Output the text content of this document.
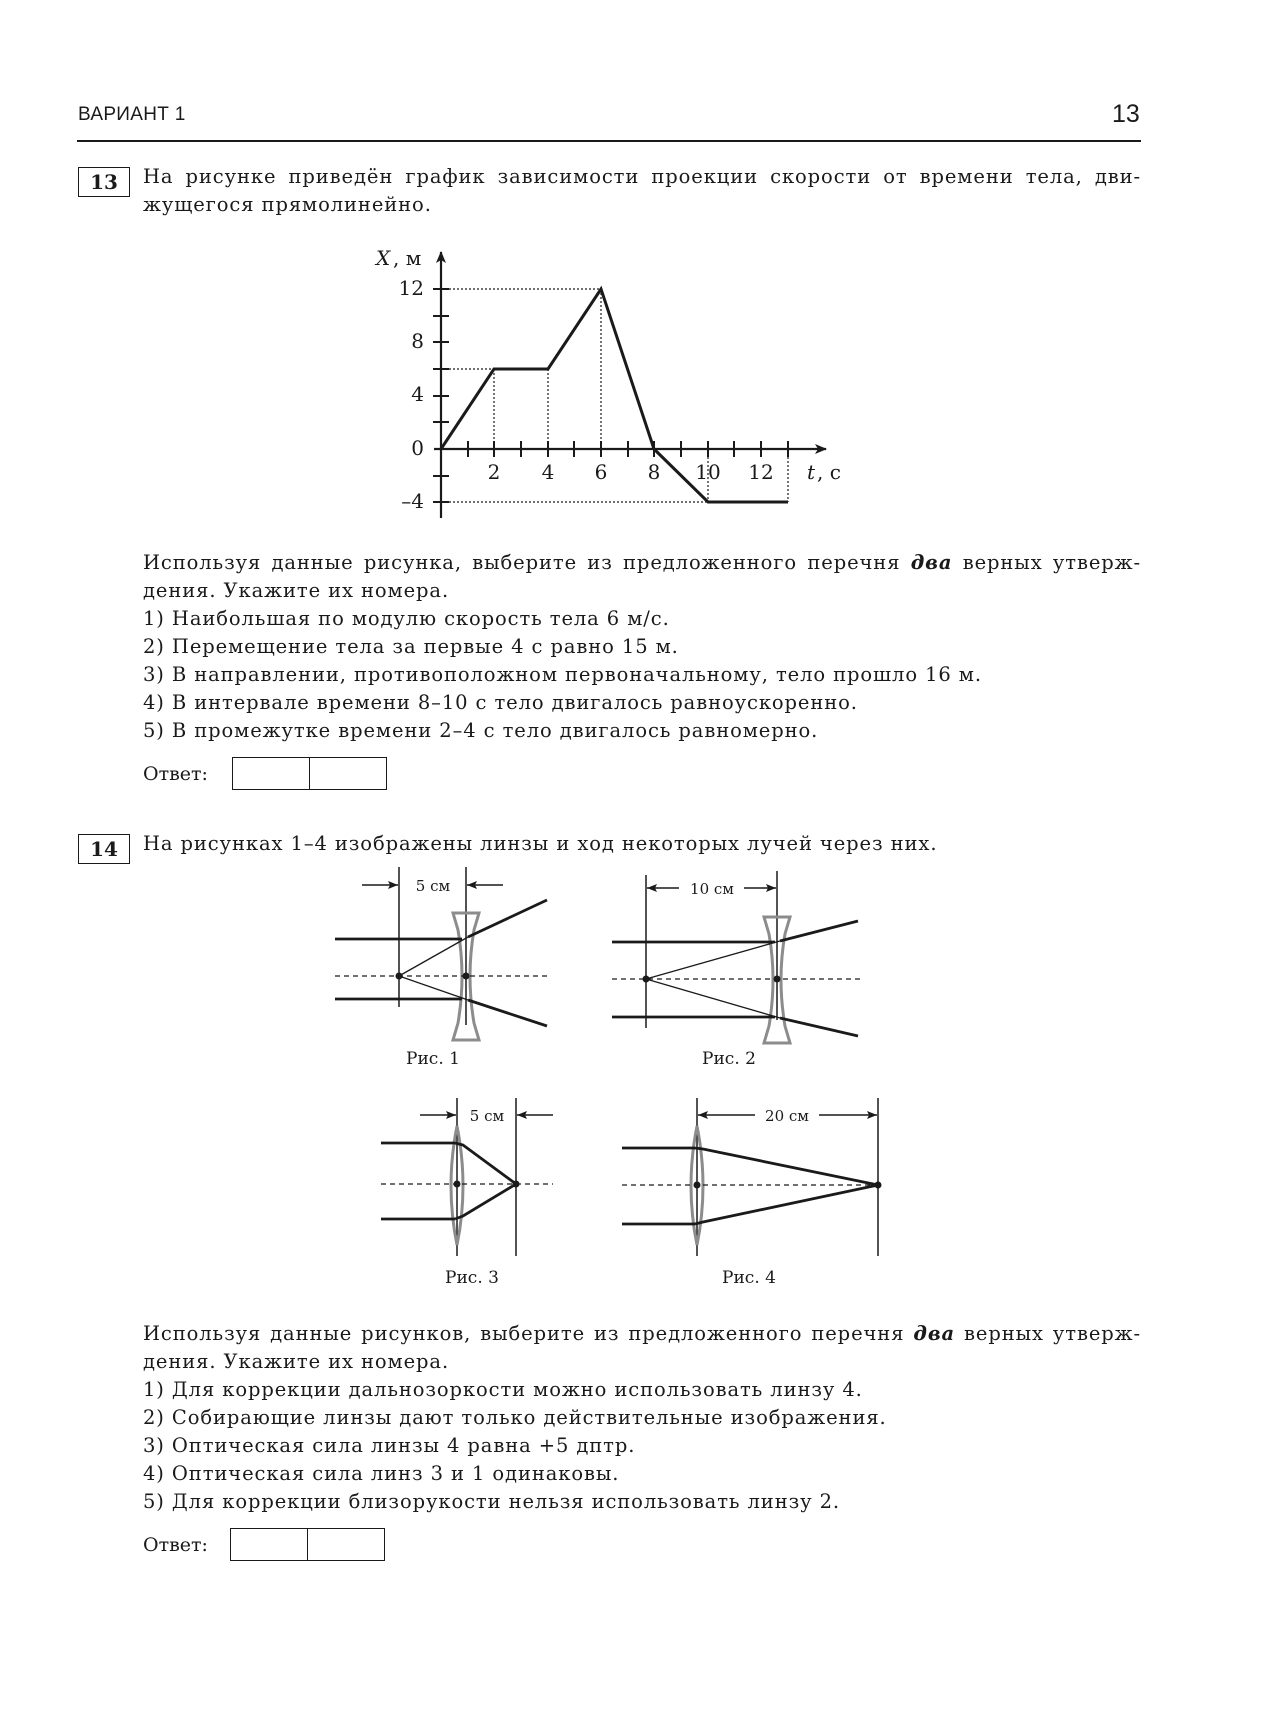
ВАРИАНТ 1	13
13	На рисунке приведён график зависимости проекции скорости от времени тела, дви-
жущегося прямолинейно.
X , м
12
8
4
0
–4
2 4 6 8 10 12 t , с
Используя данные рисунка, выберите из предложенного перечня два верных утверж-
дения. Укажите их номера.
1) Наибольшая по модулю скорость тела 6 м/с.
2) Перемещение тела за первые 4 с равно 15 м.
3) В направлении, противоположном первоначальному, тело прошло 16 м.
4) В интервале времени 8–10 с тело двигалось равноускоренно.
5) В промежутке времени 2–4 с тело двигалось равномерно.
Ответ:
14	На рисунках 1–4 изображены линзы и ход некоторых лучей через них.
5 см
Рис. 1
10 см
Рис. 2
5 см
Рис. 3
20 см
Рис. 4
Используя данные рисунков, выберите из предложенного перечня два верных утверж-
дения. Укажите их номера.
1) Для коррекции дальнозоркости можно использовать линзу 4.
2) Собирающие линзы дают только действительные изображения.
3) Оптическая сила линзы 4 равна +5 дптр.
4) Оптическая сила линз 3 и 1 одинаковы.
5) Для коррекции близорукости нельзя использовать линзу 2.
Ответ:
